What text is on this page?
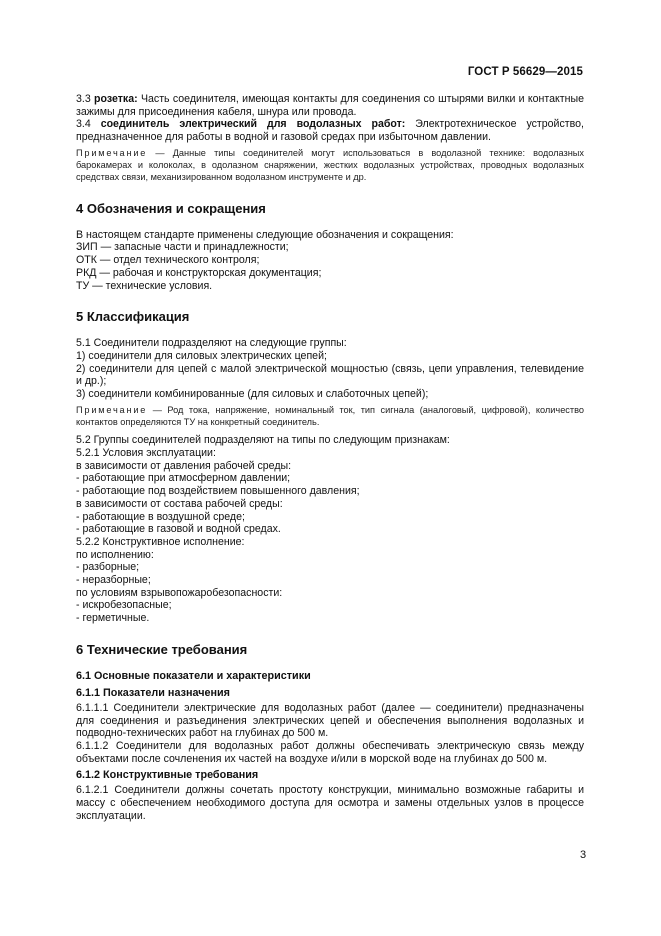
ГОСТ Р 56629—2015

3.3 розетка: Часть соединителя, имеющая контакты для соединения со штырями вилки и контактные зажимы для присоединения кабеля, шнура или провода.

3.4 соединитель электрический для водолазных работ: Электротехническое устройство, предназначенное для работы в водной и газовой средах при избыточном давлении.

Примечание — Данные типы соединителей могут использоваться в водолазной технике: водолазных барокамерах и колоколах, в одолазном снаряжении, жестких водолазных устройствах, проводных водолазных средствах связи, механизированном водолазном инструменте и др.

4 Обозначения и сокращения

В настоящем стандарте применены следующие обозначения и сокращения:

ЗИП — запасные части и принадлежности;

ОТК — отдел технического контроля;

РКД — рабочая и конструкторская документация;

ТУ — технические условия.

5 Классификация

5.1 Соединители подразделяют на следующие группы:

1) соединители для силовых электрических цепей;

2) соединители для цепей с малой электрической мощностью (связь, цепи управления, телевидение и др.);

3) соединители комбинированные (для силовых и слаботочных цепей);

Примечание — Род тока, напряжение, номинальный ток, тип сигнала (аналоговый, цифровой), количество контактов определяются ТУ на конкретный соединитель.

5.2 Группы соединителей подразделяют на типы по следующим признакам:

5.2.1 Условия эксплуатации:

в зависимости от давления рабочей среды:

- работающие при атмосферном давлении;

- работающие под воздействием повышенного давления;

в зависимости от состава рабочей среды:

- работающие в воздушной среде;

- работающие в газовой и водной средах.

5.2.2 Конструктивное исполнение:

по исполнению:

- разборные;

- неразборные;

по условиям взрывопожаробезопасности:

- искробезопасные;

- герметичные.

6 Технические требования
6.1 Основные показатели и характеристики
6.1.1 Показатели назначения

6.1.1.1 Соединители электрические для водолазных работ (далее — соединители) предназначены для соединения и разъединения электрических цепей и обеспечения выполнения водолазных и подводно-технических работ на глубинах до 500 м.

6.1.1.2 Соединители для водолазных работ должны обеспечивать электрическую связь между объектами после сочленения их частей на воздухе и/или в морской воде на глубинах до 500 м.

6.1.2 Конструктивные требования

6.1.2.1 Соединители должны сочетать простоту конструкции, минимально возможные габариты и массу с обеспечением необходимого доступа для осмотра и замены отдельных узлов в процессе эксплуатации.

3
